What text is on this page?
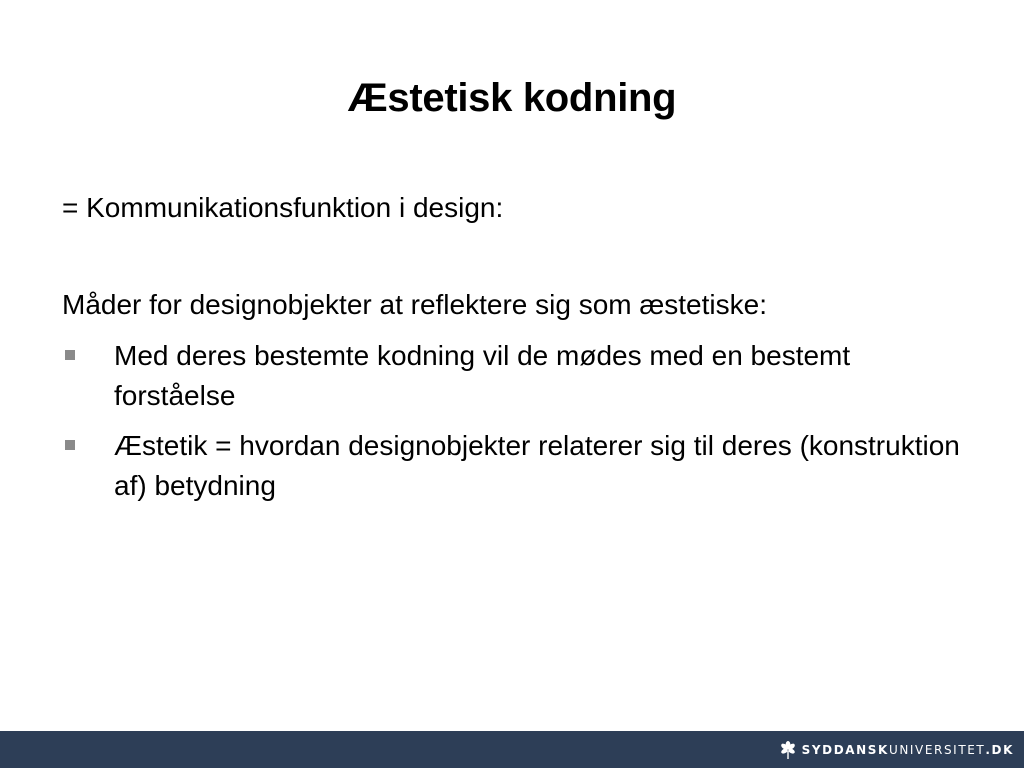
Æstetisk kodning
= Kommunikationsfunktion i design:
Måder for designobjekter at reflektere sig som æstetiske:
Med deres bestemte kodning vil de mødes med en bestemt forståelse
Æstetik = hvordan designobjekter relaterer sig til deres (konstruktion af) betydning
SYDDANSKUNIVERSITET.DK
